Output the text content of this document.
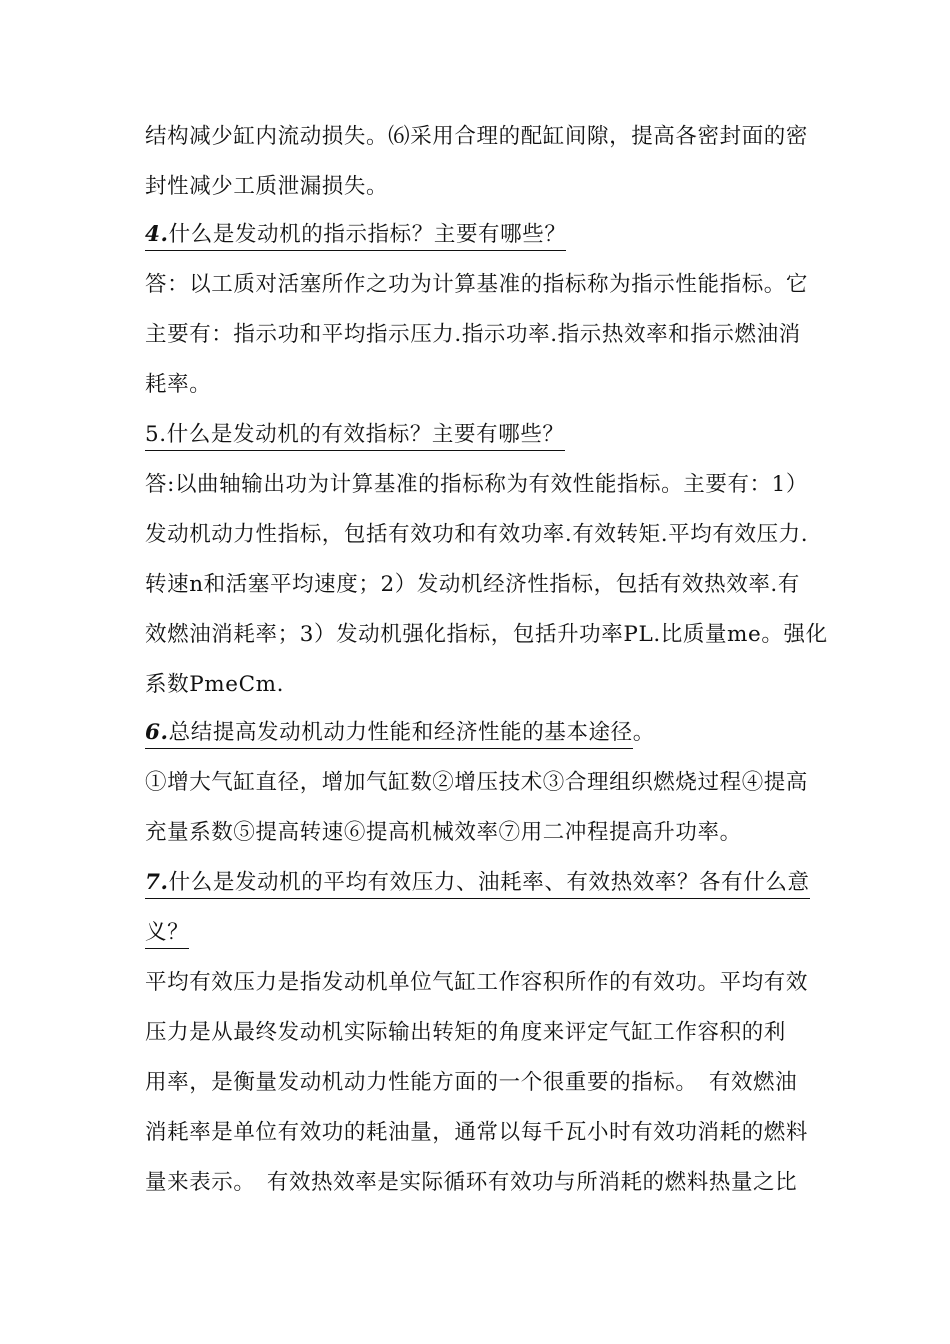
结构减少缸内流动损失。⑹采用合理的配缸间隙，提高各密封面的密
封性减少工质泄漏损失。
4.什么是发动机的指示指标？主要有哪些？
答：以工质对活塞所作之功为计算基准的指标称为指示性能指标。它
主要有：指示功和平均指示压力.指示功率.指示热效率和指示燃油消
耗率。
5.什么是发动机的有效指标？主要有哪些？
答:以曲轴输出功为计算基准的指标称为有效性能指标。主要有：1）
发动机动力性指标，包括有效功和有效功率.有效转矩.平均有效压力.
转速n和活塞平均速度；2）发动机经济性指标，包括有效热效率.有
效燃油消耗率；3）发动机强化指标，包括升功率PL.比质量me。强化
系数PmeCm.
6.总结提高发动机动力性能和经济性能的基本途径。
①增大气缸直径，增加气缸数②增压技术③合理组织燃烧过程④提高
充量系数⑤提高转速⑥提高机械效率⑦用二冲程提高升功率。
7.什么是发动机的平均有效压力、油耗率、有效热效率？各有什么意
义？
平均有效压力是指发动机单位气缸工作容积所作的有效功。平均有效
压力是从最终发动机实际输出转矩的角度来评定气缸工作容积的利
用率，是衡量发动机动力性能方面的一个很重要的指标。　有效燃油
消耗率是单位有效功的耗油量，通常以每千瓦小时有效功消耗的燃料
量来表示。　有效热效率是实际循环有效功与所消耗的燃料热量之比
